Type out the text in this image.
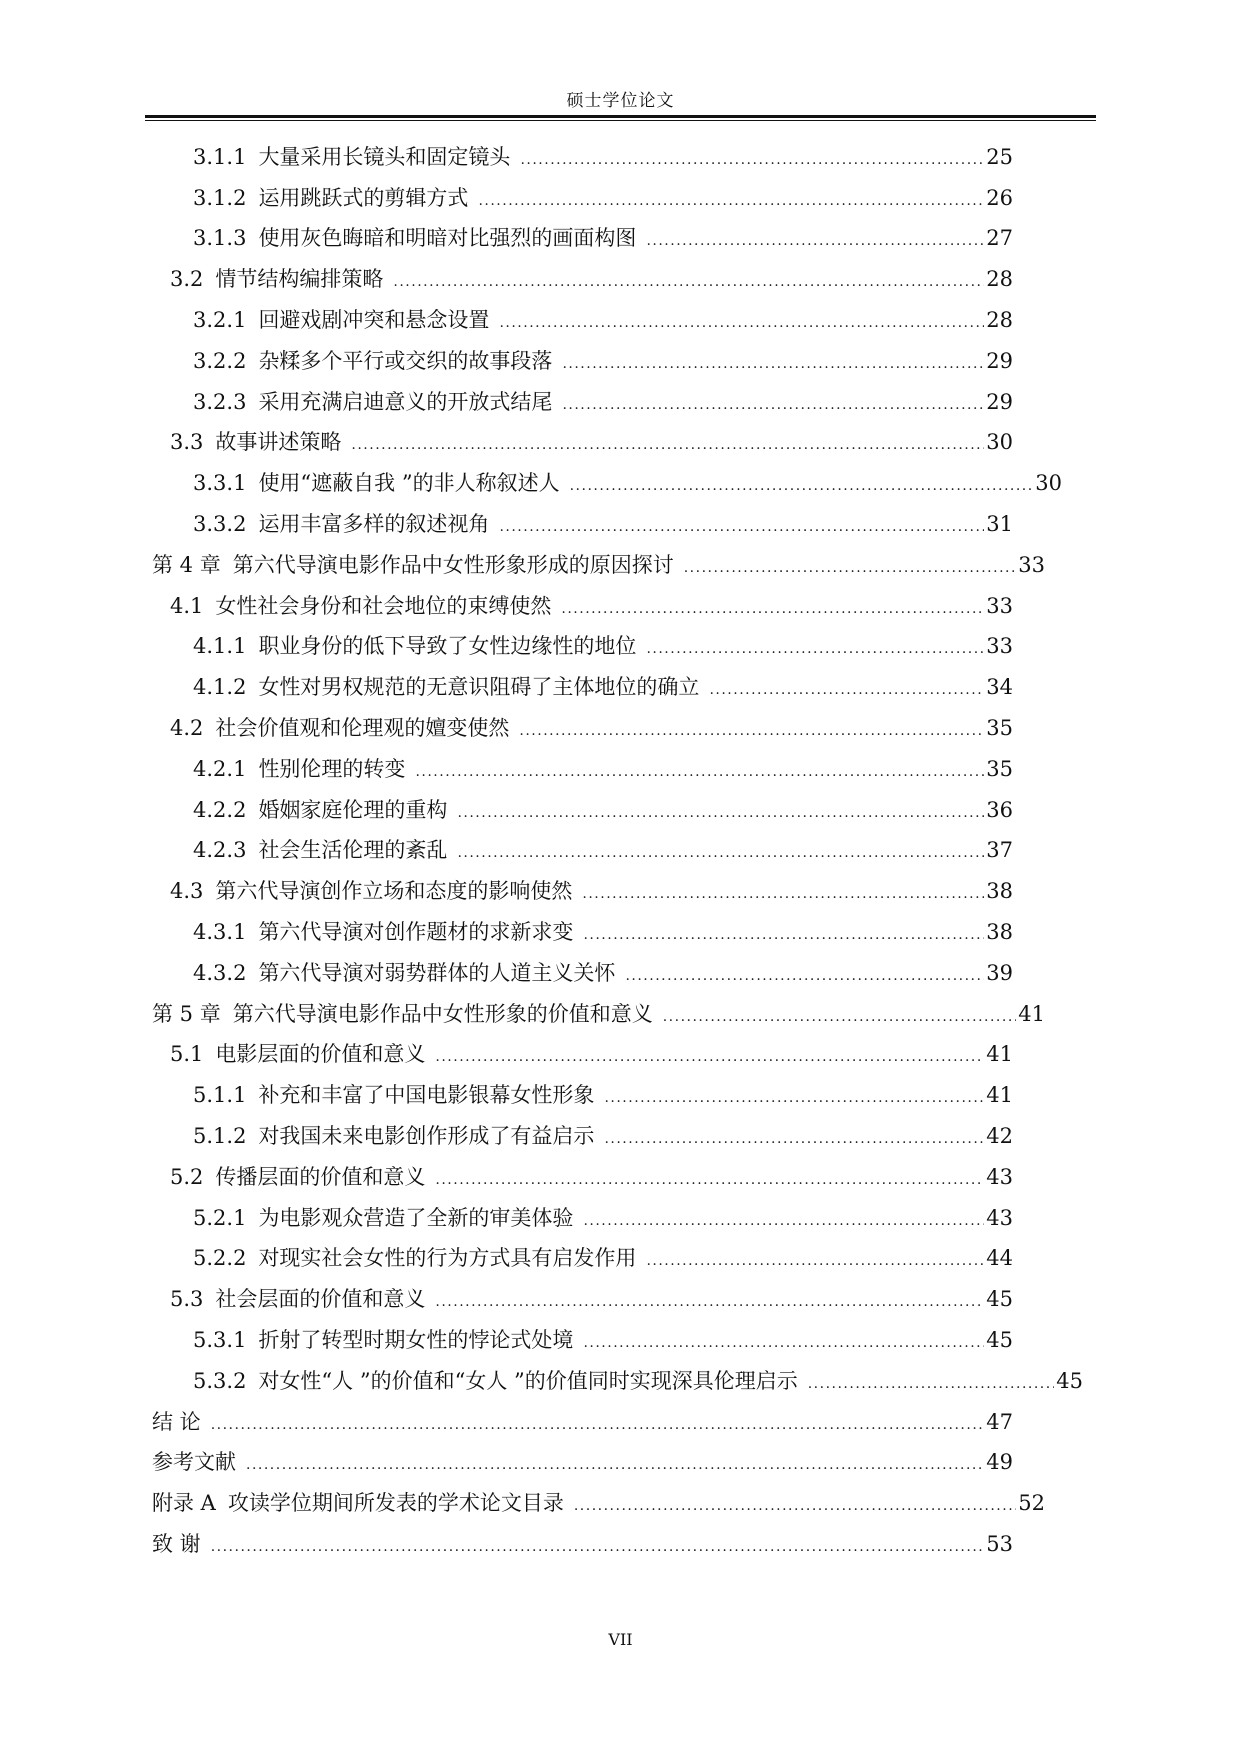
硕士学位论文
3.1.1 大量采用长镜头和固定镜头 .....	25
3.1.2 运用跳跃式的剪辑方式 .....	26
3.1.3 使用灰色晦暗和明暗对比强烈的画面构图 .....	27
3.2 情节结构编排策略 .....	28
3.2.1 回避戏剧冲突和悬念设置 .....	28
3.2.2 杂糅多个平行或交织的故事段落 .....	29
3.2.3 采用充满启迪意义的开放式结尾 .....	29
3.3 故事讲述策略 .....	30
3.3.1 使用“遮蔽自我 ”的非人称叙述人 .....	30
3.3.2 运用丰富多样的叙述视角 .....	31
第 4 章 第六代导演电影作品中女性形象形成的原因探讨 .....	33
4.1 女性社会身份和社会地位的束缚使然 .....	33
4.1.1 职业身份的低下导致了女性边缘性的地位 .....	33
4.1.2 女性对男权规范的无意识阻碍了主体地位的确立 .....	34
4.2 社会价值观和伦理观的嬗变使然 .....	35
4.2.1 性别伦理的转变 .....	35
4.2.2 婚姻家庭伦理的重构 .....	36
4.2.3 社会生活伦理的紊乱 .....	37
4.3 第六代导演创作立场和态度的影响使然 .....	38
4.3.1 第六代导演对创作题材的求新求变 .....	38
4.3.2 第六代导演对弱势群体的人道主义关怀 .....	39
第 5 章 第六代导演电影作品中女性形象的价值和意义 .....	41
5.1 电影层面的价值和意义 .....	41
5.1.1 补充和丰富了中国电影银幕女性形象 .....	41
5.1.2 对我国未来电影创作形成了有益启示 .....	42
5.2 传播层面的价值和意义 .....	43
5.2.1 为电影观众营造了全新的审美体验 .....	43
5.2.2 对现实社会女性的行为方式具有启发作用 .....	44
5.3 社会层面的价值和意义 .....	45
5.3.1 折射了转型时期女性的悖论式处境 .....	45
5.3.2 对女性“人 ”的价值和“女人 ”的价值同时实现深具伦理启示 .....	45
结 论 .....	47
参考文献 .....	49
附录 A 攻读学位期间所发表的学术论文目录 .....	52
致 谢 .....	53
VII
